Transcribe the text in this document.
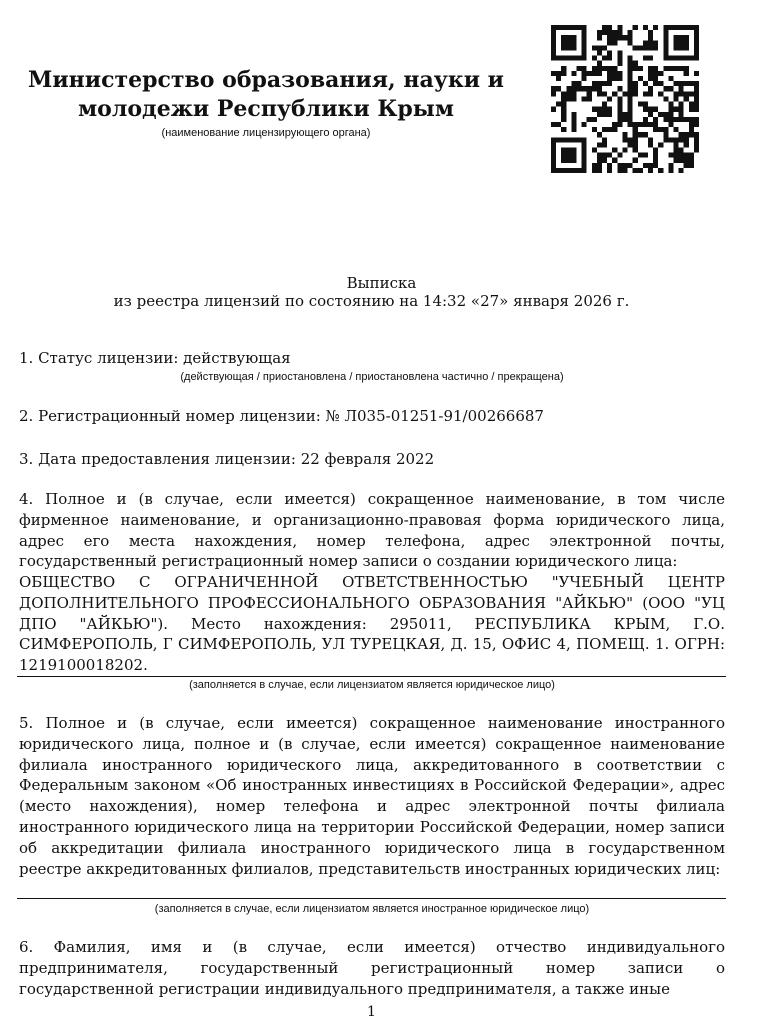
Министерство образования, науки и молодежи Республики Крым
(наименование лицензирующего органа)
Выписка
из реестра лицензий по состоянию на 14:32 «27» января 2026 г.
1. Статус лицензии: действующая
(действующая / приостановлена / приостановлена частично / прекращена)
2. Регистрационный номер лицензии: № Л035-01251-91/00266687
3. Дата предоставления лицензии: 22 февраля 2022
4. Полное и (в случае, если имеется) сокращенное наименование, в том числе фирменное наименование, и организационно-правовая форма юридического лица, адрес его места нахождения, номер телефона, адрес электронной почты, государственный регистрационный номер записи о создании юридического лица:
ОБЩЕСТВО С ОГРАНИЧЕННОЙ ОТВЕТСТВЕННОСТЬЮ "УЧЕБНЫЙ ЦЕНТР ДОПОЛНИТЕЛЬНОГО ПРОФЕССИОНАЛЬНОГО ОБРАЗОВАНИЯ "АЙКЬЮ" (ООО "УЦ ДПО "АЙКЬЮ"). Место нахождения: 295011, РЕСПУБЛИКА КРЫМ, Г.О. СИМФЕРОПОЛЬ, Г СИМФЕРОПОЛЬ, УЛ ТУРЕЦКАЯ, Д. 15, ОФИС 4, ПОМЕЩ. 1. ОГРН: 1219100018202.
(заполняется в случае, если лицензиатом является юридическое лицо)
5. Полное и (в случае, если имеется) сокращенное наименование иностранного юридического лица, полное и (в случае, если имеется) сокращенное наименование филиала иностранного юридического лица, аккредитованного в соответствии с Федеральным законом «Об иностранных инвестициях в Российской Федерации», адрес (место нахождения), номер телефона и адрес электронной почты филиала иностранного юридического лица на территории Российской Федерации, номер записи об аккредитации филиала иностранного юридического лица в государственном реестре аккредитованных филиалов, представительств иностранных юридических лиц:
(заполняется в случае, если лицензиатом является иностранное юридическое лицо)
6. Фамилия, имя и (в случае, если имеется) отчество индивидуального предпринимателя, государственный регистрационный номер записи о государственной регистрации индивидуального предпринимателя, а также иные
1
